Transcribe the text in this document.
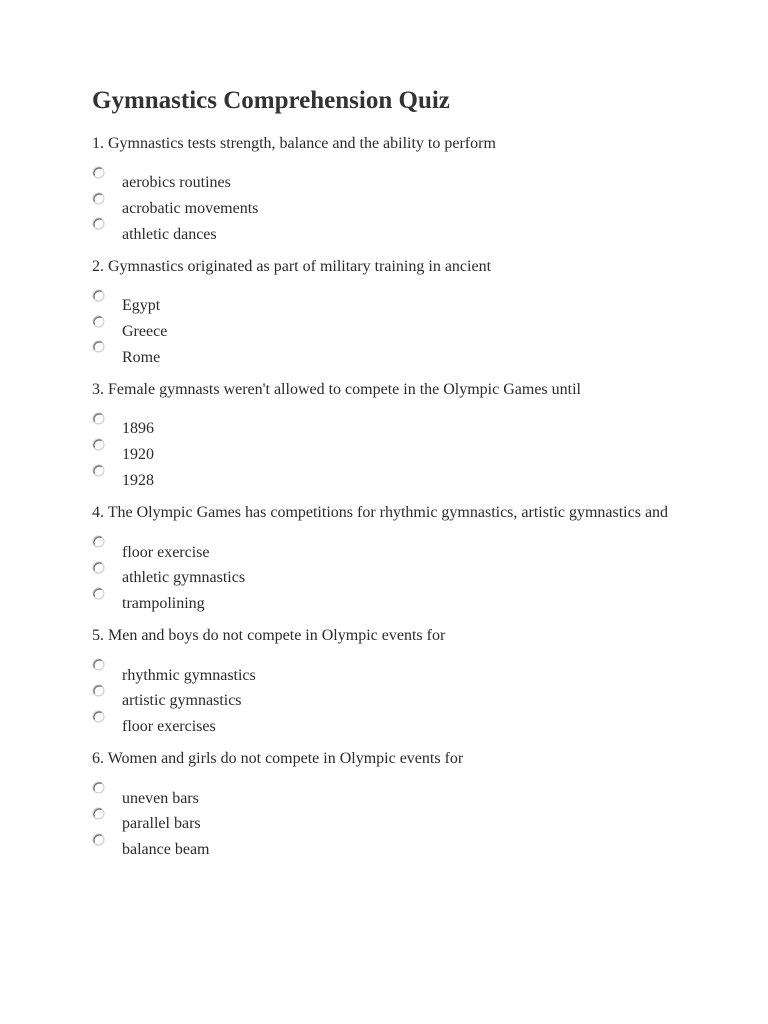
Gymnastics Comprehension Quiz
1. Gymnastics tests strength, balance and the ability to perform
aerobics routines
acrobatic movements
athletic dances
2. Gymnastics originated as part of military training in ancient
Egypt
Greece
Rome
3. Female gymnasts weren't allowed to compete in the Olympic Games until
1896
1920
1928
4. The Olympic Games has competitions for rhythmic gymnastics, artistic gymnastics and
floor exercise
athletic gymnastics
trampolining
5. Men and boys do not compete in Olympic events for
rhythmic gymnastics
artistic gymnastics
floor exercises
6. Women and girls do not compete in Olympic events for
uneven bars
parallel bars
balance beam
